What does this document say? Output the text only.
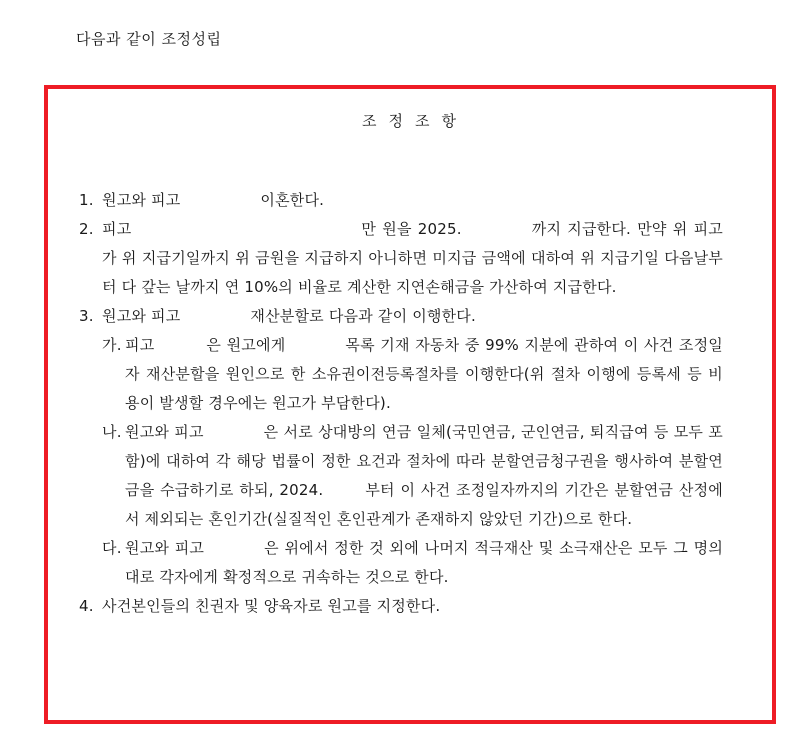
다음과 같이 조정성립
조정조항
1. 원고와 피고	이혼한다.
2. 피고	만 원을 2025.	까지 지급한다. 만약 위 피고가 위 지급기일까지 위 금원을 지급하지 아니하면 미지급 금액에 대하여 위 지급기일 다음날부터 다 갚는 날까지 연 10%의 비율로 계산한 지연손해금을 가산하여 지급한다.
3. 원고와 피고	재산분할로 다음과 같이 이행한다.
가. 피고	은 원고에게	목록 기재 자동차 중 99% 지분에 관하여 이 사건 조정일자 재산분할을 원인으로 한 소유권이전등록절차를 이행한다(위 절차 이행에 등록세 등 비용이 발생할 경우에는 원고가 부담한다).
나. 원고와 피고	은 서로 상대방의 연금 일체(국민연금, 군인연금, 퇴직급여 등 모두 포함)에 대하여 각 해당 법률이 정한 요건과 절차에 따라 분할연금청구권을 행사하여 분할연금을 수급하기로 하되, 2024.	부터 이 사건 조정일자까지의 기간은 분할연금 산정에서 제외되는 혼인기간(실질적인 혼인관계가 존재하지 않았던 기간)으로 한다.
다. 원고와 피고	은 위에서 정한 것 외에 나머지 적극재산 및 소극재산은 모두 그 명의대로 각자에게 확정적으로 귀속하는 것으로 한다.
4. 사건본인들의 친권자 및 양육자로 원고를 지정한다.
